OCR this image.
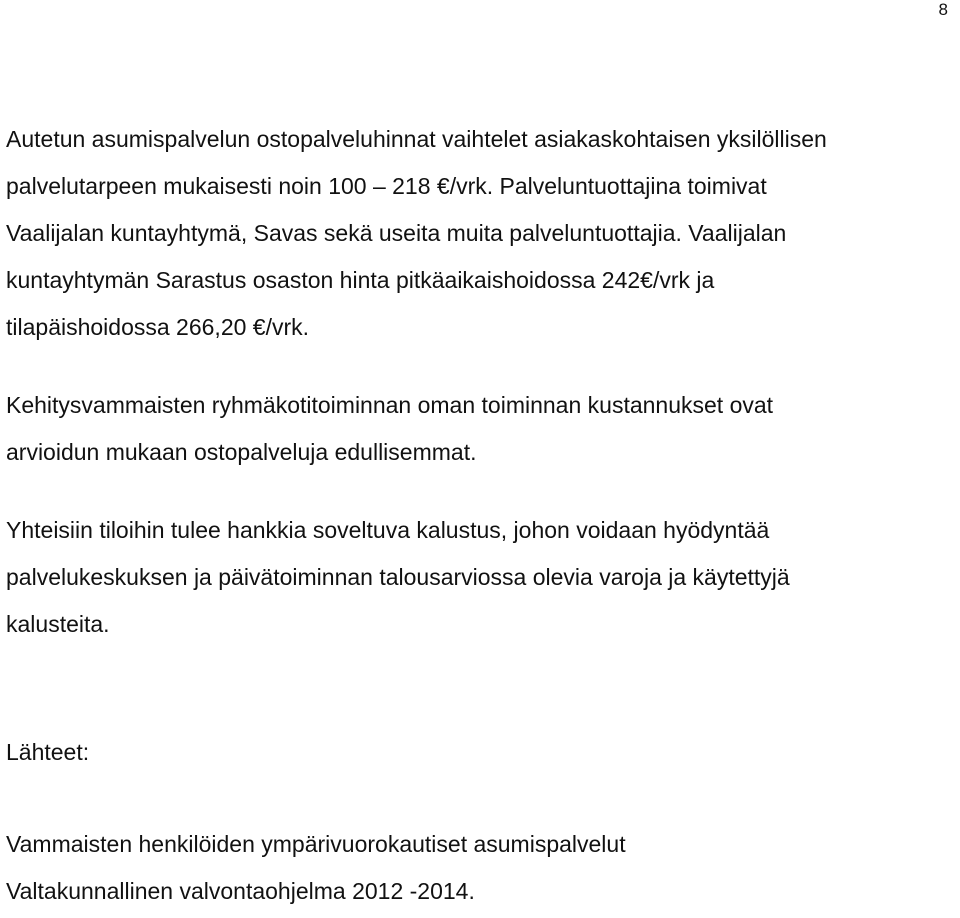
8

Autetun asumispalvelun ostopalveluhinnat vaihtelet asiakaskohtaisen yksilöllisen

palvelutarpeen mukaisesti noin 100 – 218 €/vrk. Palveluntuottajina toimivat

Vaalijalan kuntayhtymä, Savas sekä useita muita palveluntuottajia. Vaalijalan

kuntayhtymän Sarastus osaston hinta pitkäaikaishoidossa 242€/vrk ja

tilapäishoidossa 266,20 €/vrk.

Kehitysvammaisten ryhmäkotitoiminnan oman toiminnan kustannukset ovat

arvioidun mukaan ostopalveluja edullisemmat.

Yhteisiin tiloihin tulee hankkia soveltuva kalustus, johon voidaan hyödyntää

palvelukeskuksen ja päivätoiminnan talousarviossa olevia varoja ja käytettyjä

kalusteita.

Lähteet:

Vammaisten henkilöiden ympärivuorokautiset asumispalvelut

Valtakunnallinen valvontaohjelma 2012 -2014.
